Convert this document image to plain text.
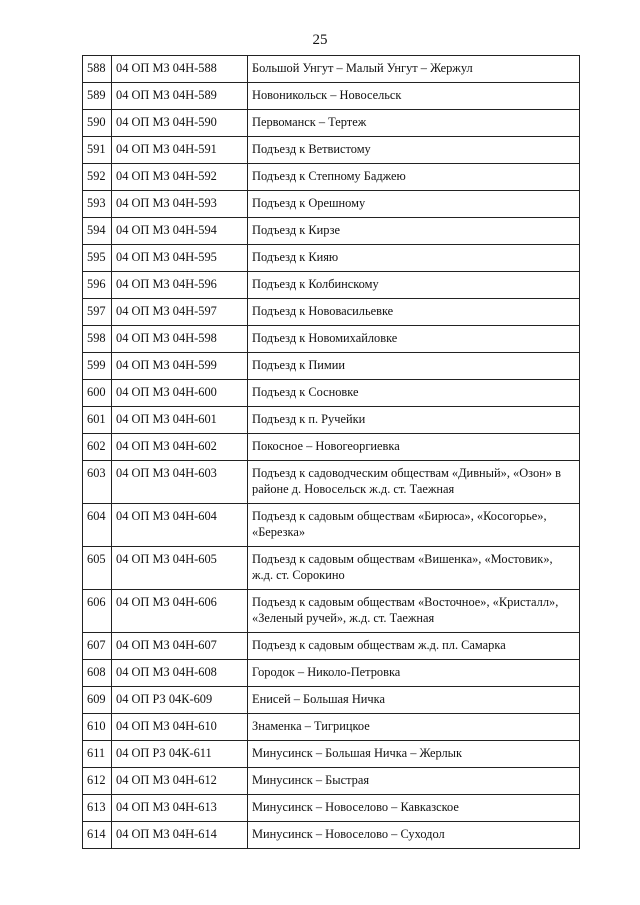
25
588	04 ОП МЗ 04Н-588	Большой Унгут – Малый Унгут – Жержул
589	04 ОП МЗ 04Н-589	Новоникольск – Новосельск
590	04 ОП МЗ 04Н-590	Первоманск – Тертеж
591	04 ОП МЗ 04Н-591	Подъезд к Ветвистому
592	04 ОП МЗ 04Н-592	Подъезд к Степному Баджею
593	04 ОП МЗ 04Н-593	Подъезд к Орешному
594	04 ОП МЗ 04Н-594	Подъезд к Кирзе
595	04 ОП МЗ 04Н-595	Подъезд к Кияю
596	04 ОП МЗ 04Н-596	Подъезд к Колбинскому
597	04 ОП МЗ 04Н-597	Подъезд к Нововасильевке
598	04 ОП МЗ 04Н-598	Подъезд к Новомихайловке
599	04 ОП МЗ 04Н-599	Подъезд к Пимии
600	04 ОП МЗ 04Н-600	Подъезд к Сосновке
601	04 ОП МЗ 04Н-601	Подъезд к п. Ручейки
602	04 ОП МЗ 04Н-602	Покосное – Новогеоргиевка
603	04 ОП МЗ 04Н-603	Подъезд к садоводческим обществам «Дивный», «Озон» в районе д. Новосельск ж.д. ст. Таежная
604	04 ОП МЗ 04Н-604	Подъезд к садовым обществам «Бирюса», «Косогорье», «Березка»
605	04 ОП МЗ 04Н-605	Подъезд к садовым обществам «Вишенка», «Мостовик», ж.д. ст. Сорокино
606	04 ОП МЗ 04Н-606	Подъезд к садовым обществам «Восточное», «Кристалл», «Зеленый ручей», ж.д. ст. Таежная
607	04 ОП МЗ 04Н-607	Подъезд к садовым обществам ж.д. пл. Самарка
608	04 ОП МЗ 04Н-608	Городок – Николо-Петровка
609	04 ОП РЗ 04К-609	Енисей – Большая Ничка
610	04 ОП МЗ 04Н-610	Знаменка – Тигрицкое
611	04 ОП РЗ 04К-611	Минусинск – Большая Ничка – Жерлык
612	04 ОП МЗ 04Н-612	Минусинск – Быстрая
613	04 ОП МЗ 04Н-613	Минусинск – Новоселово – Кавказское
614	04 ОП МЗ 04Н-614	Минусинск – Новоселово – Суходол
